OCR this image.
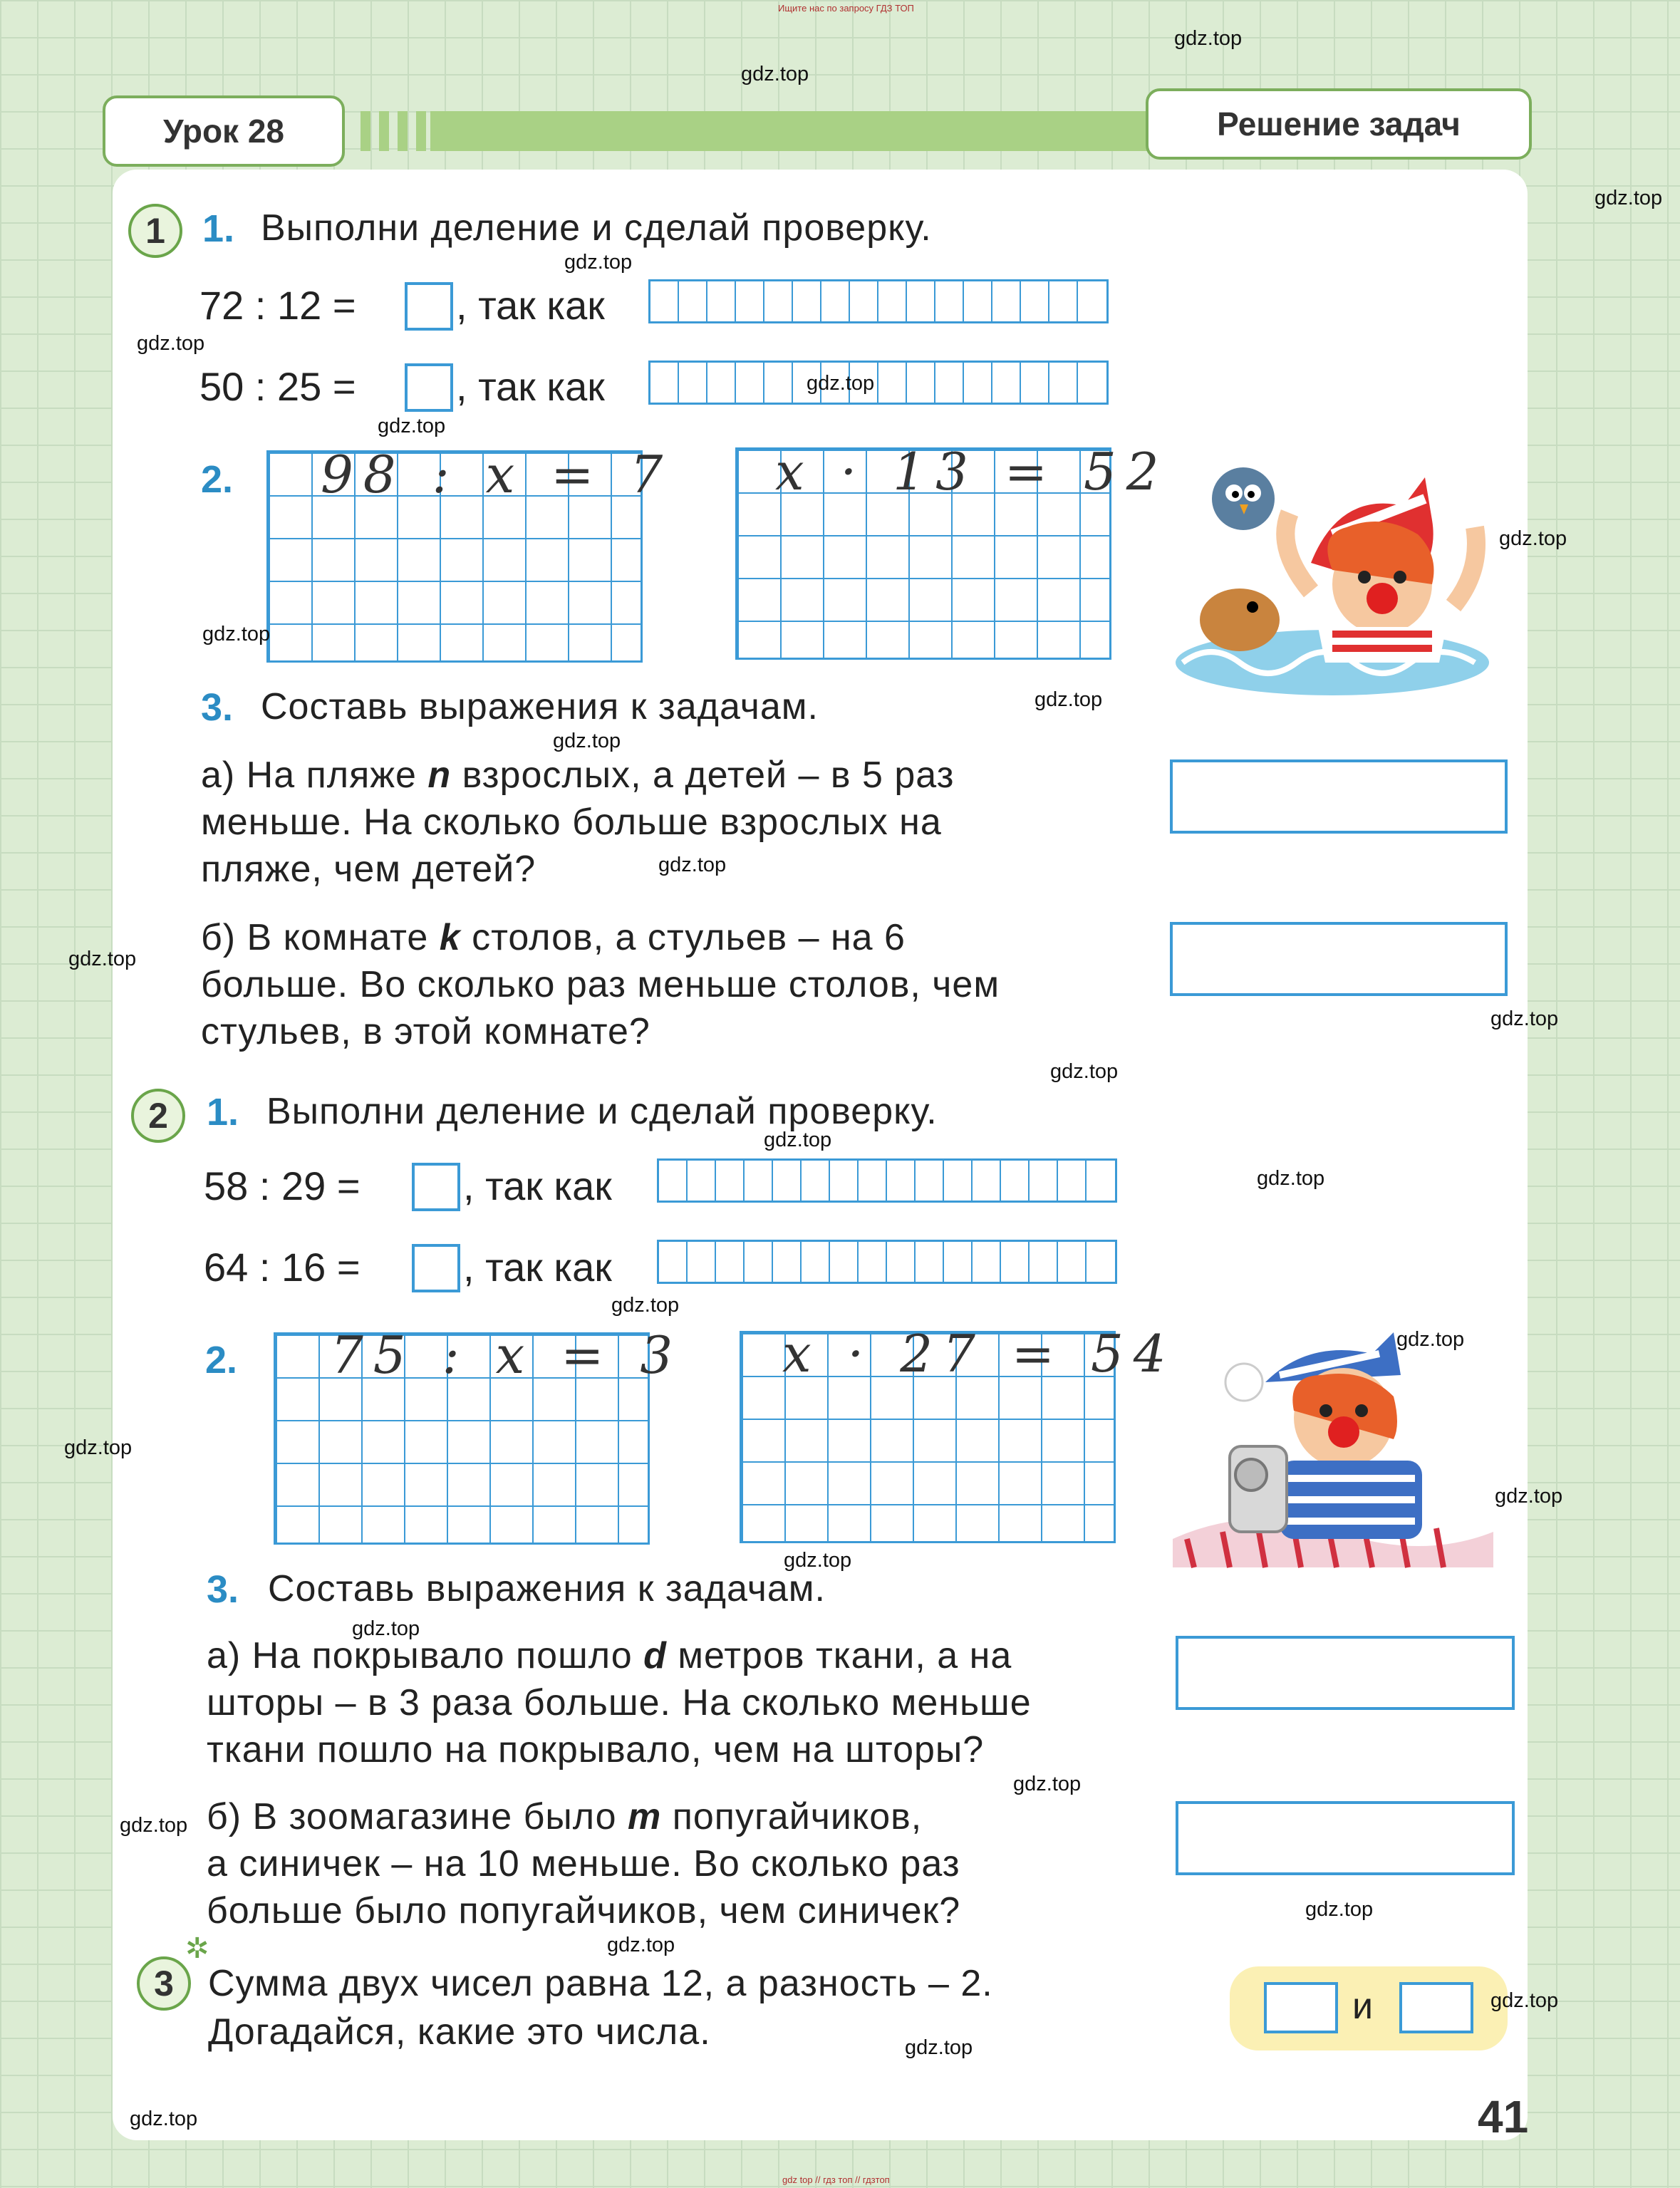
Ищите нас по запросу ГДЗ ТОП
Урок 28	Решение задач
1 1. Выполни деление и сделай проверку.
72 : 12 =	, так как
50 : 25 =	, так как
2. 98 : x = 7 x · 13 = 52
3. Составь выражения к задачам.
а) На пляже n взрослых, а детей – в 5 раз
меньше. На сколько больше взрослых на
пляже, чем детей?
б) В комнате k столов, а стульев – на 6
больше. Во сколько раз меньше столов, чем
стульев, в этой комнате?
2	1. Выполни деление и сделай проверку.
58 : 29 =	, так как
64 : 16 =	, так как
2. 75 : x = 3 x · 27 = 54
3. Составь выражения к задачам.
а) На покрывало пошло d метров ткани, а на
шторы – в 3 раза больше. На сколько меньше
ткани пошло на покрывало, чем на шторы?
б) В зоомагазине было m попугайчиков,
а синичек – на 10 меньше. Во сколько раз
больше было попугайчиков, чем синичек?
3
✲
Сумма двух чисел равна 12, а разность – 2.
Догадайся, какие это числа.
и
41
gdz.top
gdz.top
gdz.top
gdz.top
gdz.top
gdz.top
gdz.top
gdz.top
gdz.top
gdz.top
gdz.top
gdz.top
gdz.top
gdz.top
gdz.top
gdz.top
gdz.top
gdz.top
gdz.top
gdz.top
gdz.top
gdz.top
gdz.top
gdz.top
gdz.top
gdz.top
gdz.top
gdz.top
gdz.top
gdz.top
gdz top // гдз топ // гдзтоп
